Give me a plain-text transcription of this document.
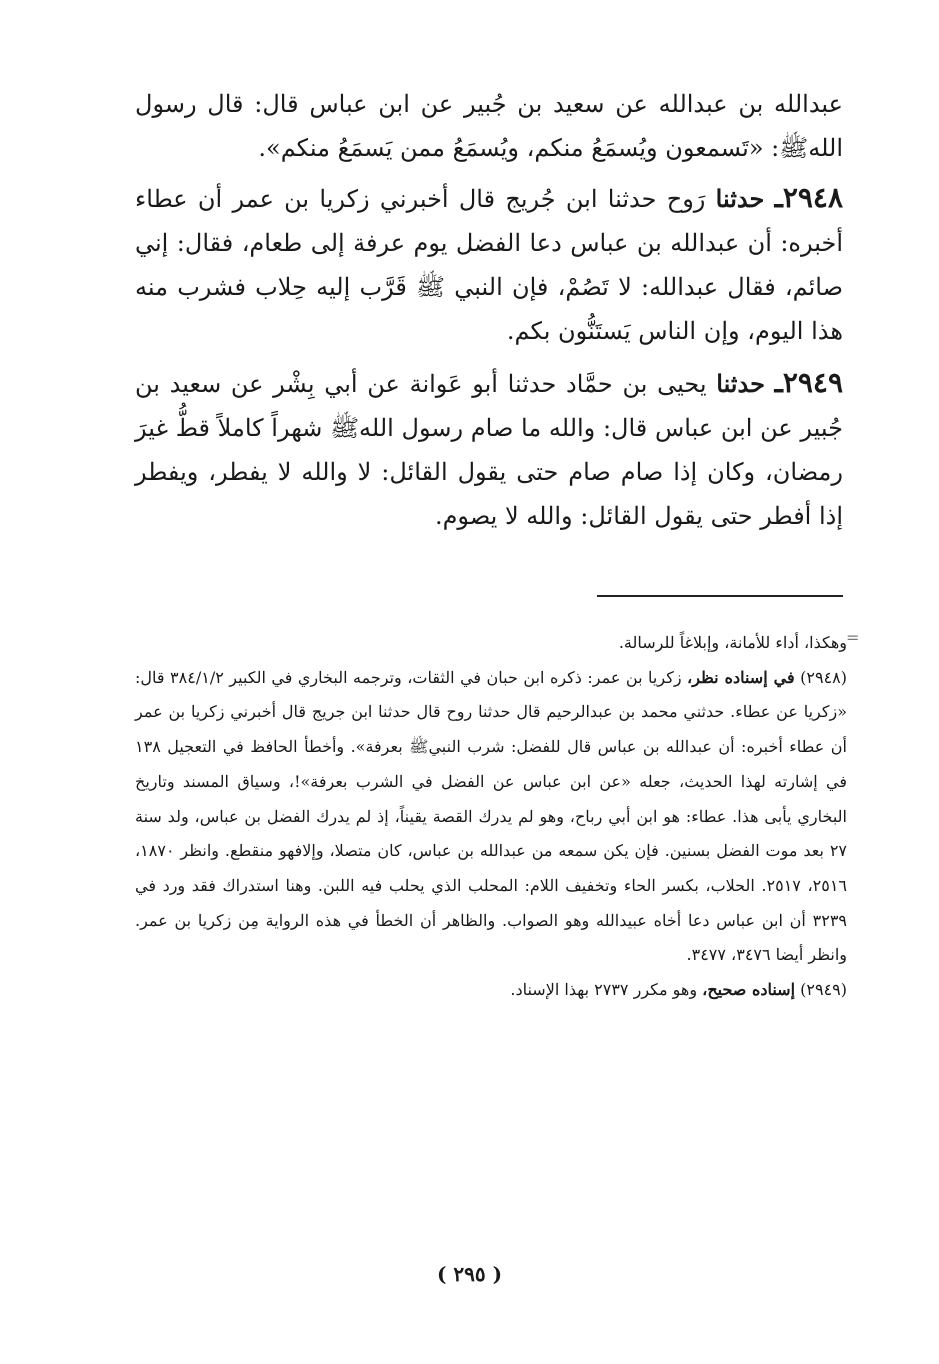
عبدالله بن عبدالله عن سعيد بن جُبير عن ابن عباس قال: قال رسول اللهﷺ: «تَسمعون ويُسمَعُ منكم، ويُسمَعُ ممن يَسمَعُ منكم».

٢٩٤٨ـ حدثنا رَوح حدثنا ابن جُريج قال أخبرني زكريا بن عمر أن عطاء أخبره: أن عبدالله بن عباس دعا الفضل يوم عرفة إلى طعام، فقال: إني صائم، فقال عبدالله: لا تَصُمْ، فإن النبي ﷺ قَرَّب إليه حِلاب فشرب منه هذا اليوم، وإن الناس يَستَنُّون بكم.

٢٩٤٩ـ حدثنا يحيى بن حمَّاد حدثنا أبو عَوانة عن أبي بِشْر عن سعيد بن جُبير عن ابن عباس قال: والله ما صام رسول اللهﷺ شهراً كاملاً قطُّ غيرَ رمضان، وكان إذا صام صام حتى يقول القائل: لا والله لا يفطر، ويفطر إذا أفطر حتى يقول القائل: والله لا يصوم.

=

وهكذا، أداء للأمانة، وإبلاغاً للرسالة.

(٢٩٤٨) في إسناده نظر، زكريا بن عمر: ذكره ابن حبان في الثقات، وترجمه البخاري في الكبير ٣٨٤/١/٢ قال: «زكريا عن عطاء. حدثني محمد بن عبدالرحيم قال حدثنا روح قال حدثنا ابن جريج قال أخبرني زكريا بن عمر أن عطاء أخبره: أن عبدالله بن عباس قال للفضل: شرب النبيﷺ بعرفة». وأخطأ الحافظ في التعجيل ١٣٨ في إشارته لهذا الحديث، جعله «عن ابن عباس عن الفضل في الشرب بعرفة»!، وسياق المسند وتاريخ البخاري يأبى هذا. عطاء: هو ابن أبي رباح، وهو لم يدرك القصة يقيناً، إذ لم يدرك الفضل بن عباس، ولد سنة ٢٧ بعد موت الفضل بسنين. فإن يكن سمعه من عبدالله بن عباس، كان متصلا، وإلافهو منقطع. وانظر ١٨٧٠، ٢٥١٦، ٢٥١٧. الحلاب، بكسر الحاء وتخفيف اللام: المحلب الذي يحلب فيه اللبن. وهنا استدراك فقد ورد في ٣٢٣٩ أن ابن عباس دعا أخاه عبيدالله وهو الصواب. والظاهر أن الخطأ في هذه الرواية مِن زكريا بن عمر. وانظر أيضا ٣٤٧٦، ٣٤٧٧.

(٢٩٤٩) إسناده صحيح، وهو مكرر ٢٧٣٧ بهذا الإسناد.

( ٢٩٥ )
